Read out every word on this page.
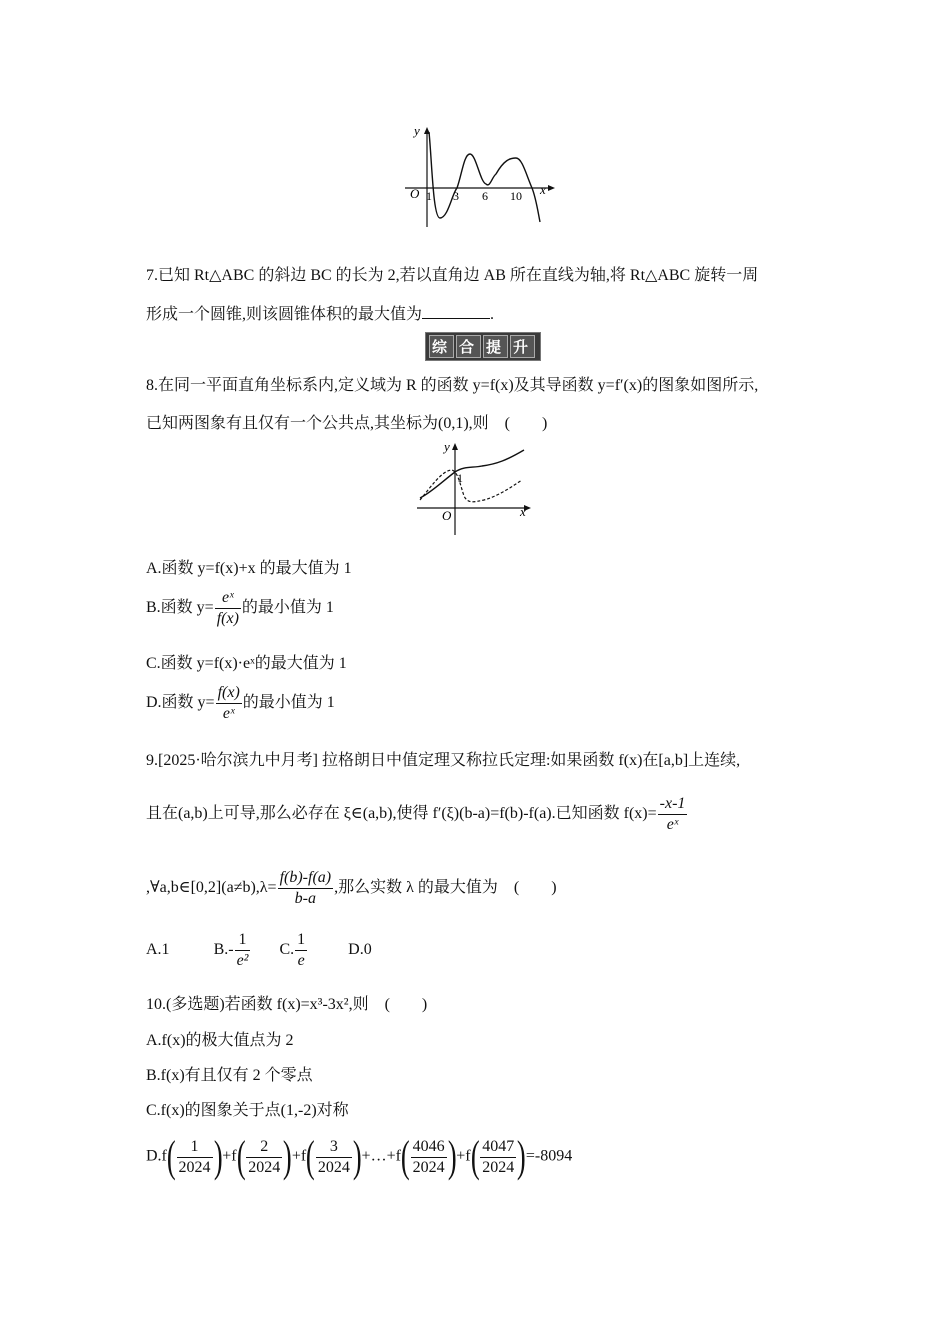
y
x
O 1 3 6 10
7.已知 Rt△ABC 的斜边 BC 的长为 2,若以直角边 AB 所在直线为轴,将 Rt△ABC 旋转一周
形成一个圆锥,则该圆锥体积的最大值为	.
综 合 提 升
8.在同一平面直角坐标系内,定义域为 R 的函数 y=f(x)及其导函数 y=f′(x)的图象如图所示,
已知两图象有且仅有一个公共点,其坐标为(0,1),则　(　　)
y
x
O
1
A.函数 y=f(x)+x 的最大值为 1
B.函数 $y= \frac{\text{eˣ}}{f(x)}$ 的最小值为 1
C.函数 y=f(x)·eˣ的最大值为 1
D.函数 $y= \frac{f(x)}{\text{eˣ}}$ 的最小值为 1
9.[2025·哈尔滨九中月考] 拉格朗日中值定理又称拉氏定理:如果函数 f(x)在[a,b]上连续,
且在(a,b)上可导,那么必存在 ξ∈(a,b),使得 f′(ξ)(b-a)=f(b)-f(a).已知函数 $f(x)= \frac{-x-1}{\text{eˣ}}$
,∀a,b∈[0,2](a≠b),λ= $\frac{f(b)-f(a)}{b-a}$ ,那么实数 λ 的最大值为　(　　)
A.1	$B.- \frac{1}{\text{e²}} C$. $\frac{1}{e}$	D.0
10.(多选题)若函数 f(x)=x³-3x²,则　(　　)
A.f(x)的极大值点为 2
B.f(x)有且仅有 2 个零点
C.f(x)的图象关于点(1,-2)对称
$D.f( \frac{1}{2024} )+f( \frac{2}{2024} )+f( \frac{3}{2024}$ )+…+f( $\frac{4046}{2024} )+f( \frac{4047}{2024} )=-8094$
